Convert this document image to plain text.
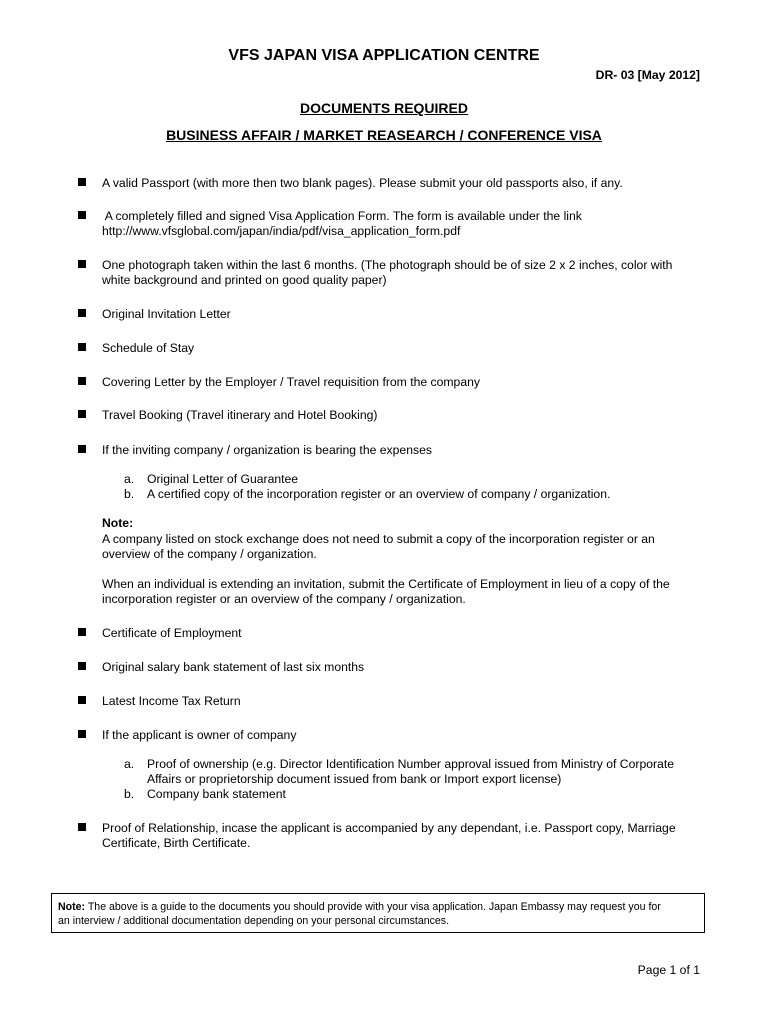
VFS JAPAN VISA APPLICATION CENTRE
DR- 03 [May 2012]
DOCUMENTS REQUIRED
BUSINESS AFFAIR / MARKET REASEARCH / CONFERENCE VISA
A valid Passport (with more then two blank pages). Please submit your old passports also, if any.
A completely filled and signed Visa Application Form. The form is available under the link
http://www.vfsglobal.com/japan/india/pdf/visa_application_form.pdf
One photograph taken within the last 6 months. (The photograph should be of size 2 x 2 inches, color with
white background and printed on good quality paper)
Original Invitation Letter
Schedule of Stay
Covering Letter by the Employer / Travel requisition from the company
Travel Booking (Travel itinerary and Hotel Booking)
If the inviting company / organization is bearing the expenses
a.	Original Letter of Guarantee
b.	A certified copy of the incorporation register or an overview of company / organization.
Note:
A company listed on stock exchange does not need to submit a copy of the incorporation register or an
overview of the company / organization.
When an individual is extending an invitation, submit the Certificate of Employment in lieu of a copy of the
incorporation register or an overview of the company / organization.
Certificate of Employment
Original salary bank statement of last six months
Latest Income Tax Return
If the applicant is owner of company
a.	Proof of ownership (e.g. Director Identification Number approval issued from Ministry of Corporate
Affairs or proprietorship document issued from bank or Import export license)
b.	Company bank statement
Proof of Relationship, incase the applicant is accompanied by any dependant, i.e. Passport copy, Marriage
Certificate, Birth Certificate.
Note: The above is a guide to the documents you should provide with your visa application. Japan Embassy may request you for
an interview / additional documentation depending on your personal circumstances.
Page 1 of 1
